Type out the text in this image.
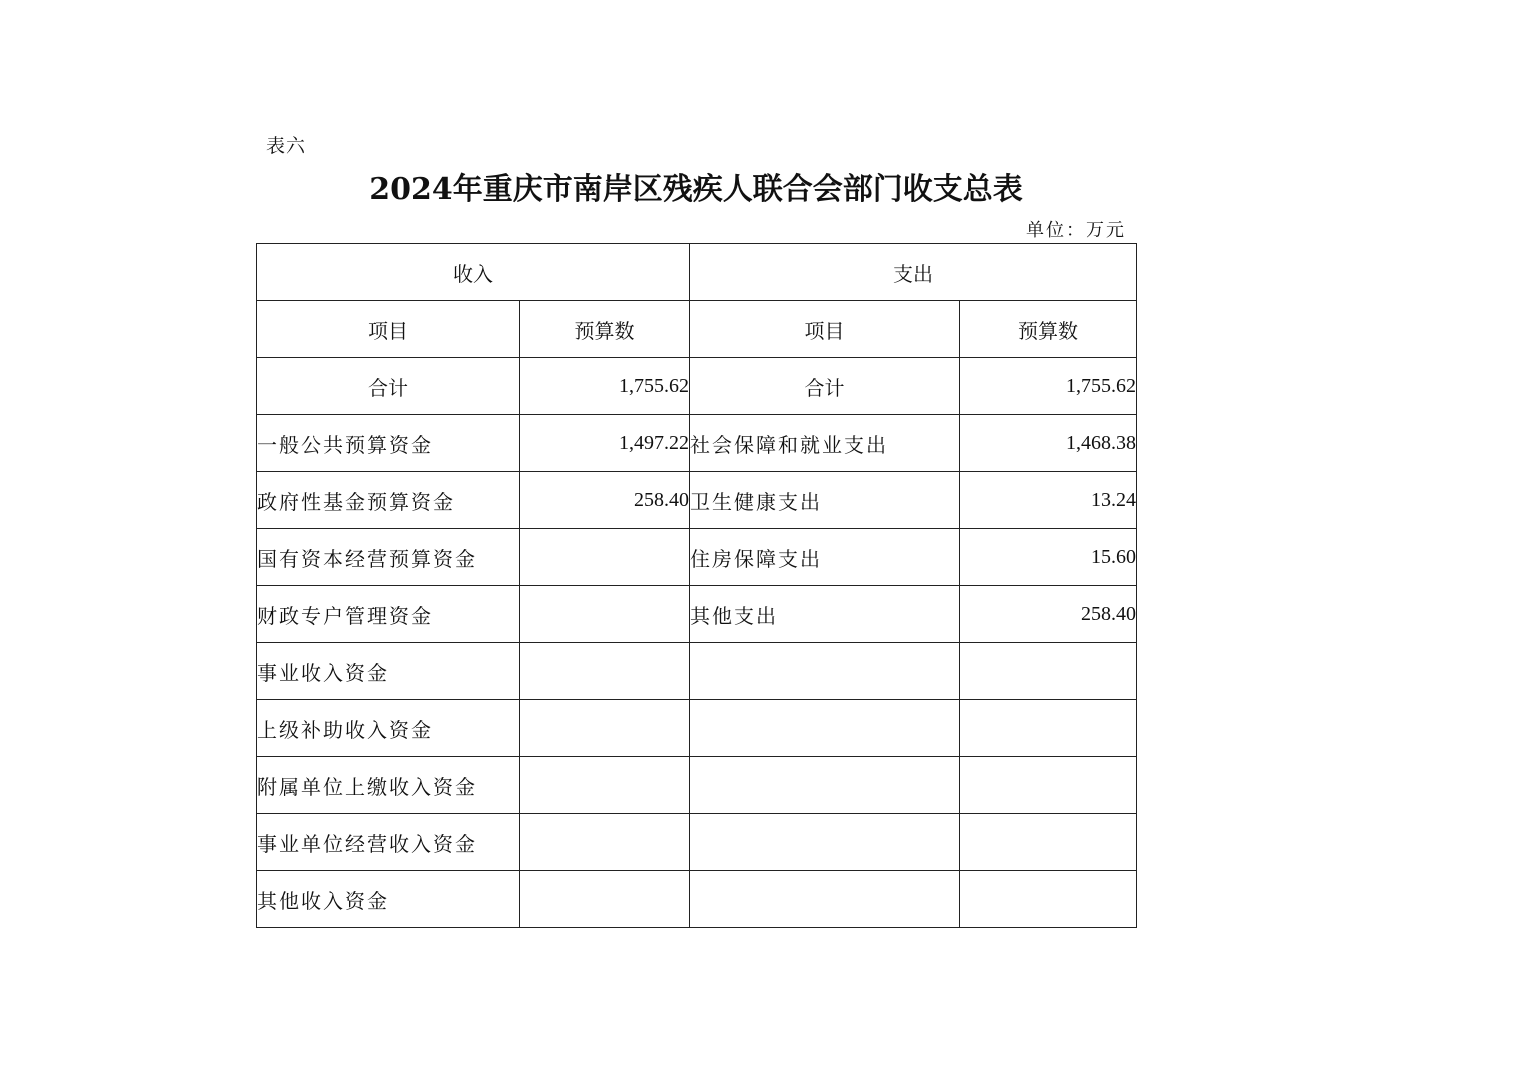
表六
2024年重庆市南岸区残疾人联合会部门收支总表
单位：万元
收入		支出	
项目	预算数	项目	预算数
合计	1,755.62	合计	1,755.62
一般公共预算资金	1,497.22	社会保障和就业支出	1,468.38
政府性基金预算资金	258.40	卫生健康支出	13.24
国有资本经营预算资金		住房保障支出	15.60
财政专户管理资金		其他支出	258.40
事业收入资金			
上级补助收入资金			
附属单位上缴收入资金			
事业单位经营收入资金			
其他收入资金			
